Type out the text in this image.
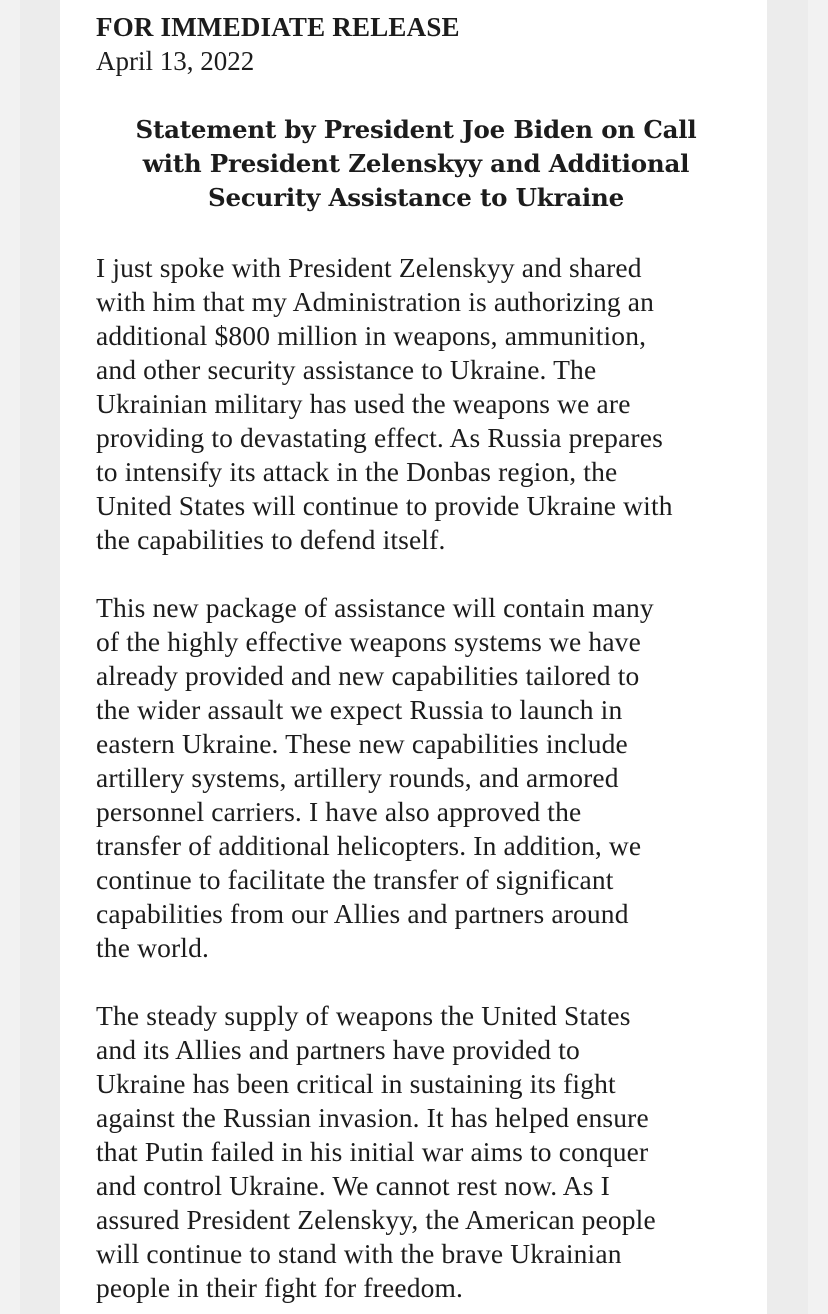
FOR IMMEDIATE RELEASE

April 13, 2022

Statement by President Joe Biden on Call
with President Zelenskyy and Additional
Security Assistance to Ukraine

I just spoke with President Zelenskyy and shared
with him that my Administration is authorizing an
additional $800 million in weapons, ammunition,
and other security assistance to Ukraine. The
Ukrainian military has used the weapons we are
providing to devastating effect. As Russia prepares
to intensify its attack in the Donbas region, the
United States will continue to provide Ukraine with
the capabilities to defend itself.

This new package of assistance will contain many
of the highly effective weapons systems we have
already provided and new capabilities tailored to
the wider assault we expect Russia to launch in
eastern Ukraine. These new capabilities include
artillery systems, artillery rounds, and armored
personnel carriers. I have also approved the
transfer of additional helicopters. In addition, we
continue to facilitate the transfer of significant
capabilities from our Allies and partners around
the world.

The steady supply of weapons the United States
and its Allies and partners have provided to
Ukraine has been critical in sustaining its fight
against the Russian invasion. It has helped ensure
that Putin failed in his initial war aims to conquer
and control Ukraine. We cannot rest now. As I
assured President Zelenskyy, the American people
will continue to stand with the brave Ukrainian
people in their fight for freedom.
